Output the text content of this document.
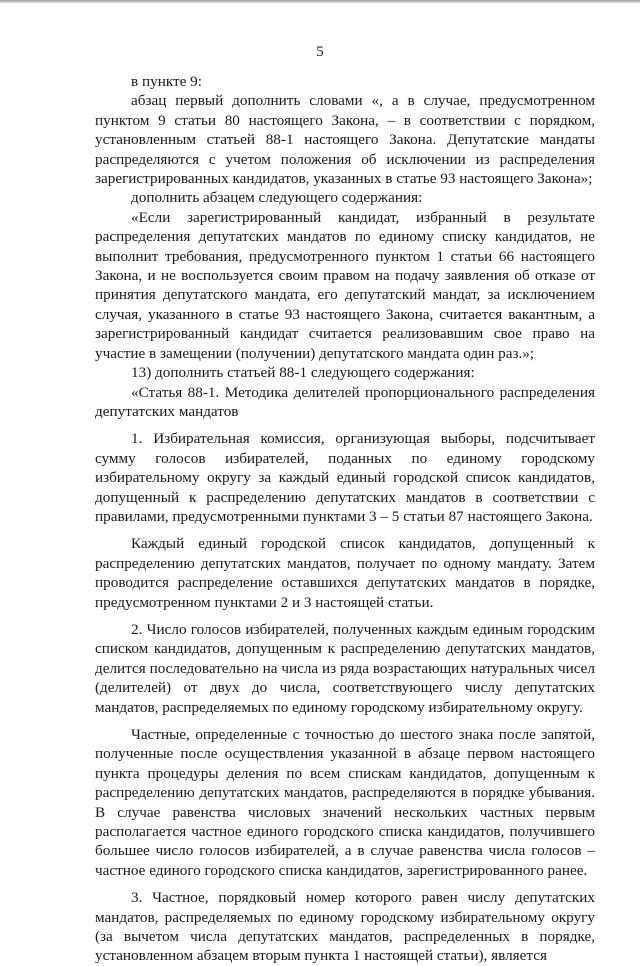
5

в пункте 9:

абзац первый дополнить словами «, а в случае, предусмотренном пунктом 9 статьи 80 настоящего Закона, – в соответствии с порядком, установленным статьей 88-1 настоящего Закона. Депутатские мандаты распределяются с учетом положения об исключении из распределения зарегистрированных кандидатов, указанных в статье 93 настоящего Закона»;

дополнить абзацем следующего содержания:

«Если зарегистрированный кандидат, избранный в результате распределения депутатских мандатов по единому списку кандидатов, не выполнит требования, предусмотренного пунктом 1 статьи 66 настоящего Закона, и не воспользуется своим правом на подачу заявления об отказе от принятия депутатского мандата, его депутатский мандат, за исключением случая, указанного в статье 93 настоящего Закона, считается вакантным, а зарегистрированный кандидат считается реализовавшим свое право на участие в замещении (получении) депутатского мандата один раз.»;

13) дополнить статьей 88-1 следующего содержания:

«Статья 88-1. Методика делителей пропорционального распределения депутатских мандатов

1. Избирательная комиссия, организующая выборы, подсчитывает сумму голосов избирателей, поданных по единому городскому избирательному округу за каждый единый городской список кандидатов, допущенный к распределению депутатских мандатов в соответствии с правилами, предусмотренными пунктами 3 – 5 статьи 87 настоящего Закона.

Каждый единый городской список кандидатов, допущенный к распределению депутатских мандатов, получает по одному мандату. Затем проводится распределение оставшихся депутатских мандатов в порядке, предусмотренном пунктами 2 и 3 настоящей статьи.

2. Число голосов избирателей, полученных каждым единым городским списком кандидатов, допущенным к распределению депутатских мандатов, делится последовательно на числа из ряда возрастающих натуральных чисел (делителей) от двух до числа, соответствующего числу депутатских мандатов, распределяемых по единому городскому избирательному округу.

Частные, определенные с точностью до шестого знака после запятой, полученные после осуществления указанной в абзаце первом настоящего пункта процедуры деления по всем спискам кандидатов, допущенным к распределению депутатских мандатов, распределяются в порядке убывания. В случае равенства числовых значений нескольких частных первым располагается частное единого городского списка кандидатов, получившего большее число голосов избирателей, а в случае равенства числа голосов – частное единого городского списка кандидатов, зарегистрированного ранее.

3. Частное, порядковый номер которого равен числу депутатских мандатов, распределяемых по единому городскому избирательному округу (за вычетом числа депутатских мандатов, распределенных в порядке, установленном абзацем вторым пункта 1 настоящей статьи), является
